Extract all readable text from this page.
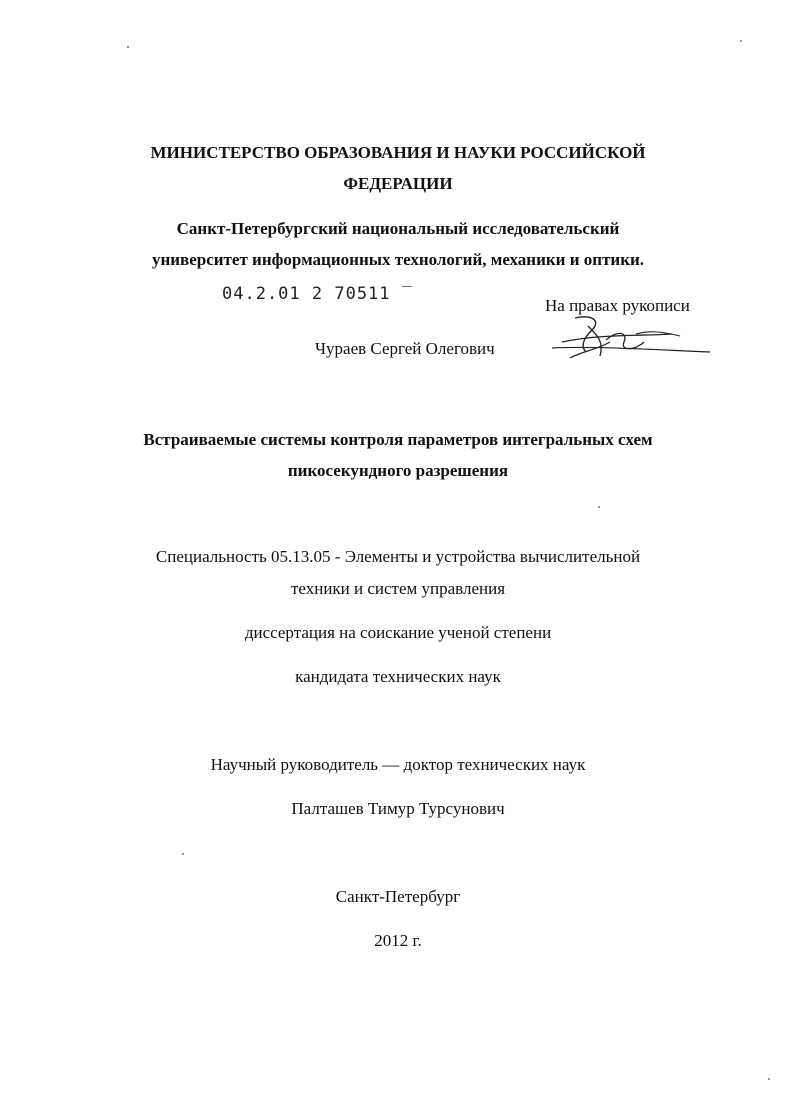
МИНИСТЕРСТВО ОБРАЗОВАНИЯ И НАУКИ РОССИЙСКОЙ
ФЕДЕРАЦИИ
Санкт-Петербургский национальный исследовательский
университет информационных технологий, механики и оптики.
04.2.01 2 70511 ‾
На правах рукописи
Чураев Сергей Олегович
Встраиваемые системы контроля параметров интегральных схем
пикосекундного разрешения
Специальность 05.13.05 - Элементы и устройства вычислительной
техники и систем управления
диссертация на соискание ученой степени
кандидата технических наук
Научный руководитель — доктор технических наук
Палташев Тимур Турсунович
Санкт-Петербург
2012 г.
